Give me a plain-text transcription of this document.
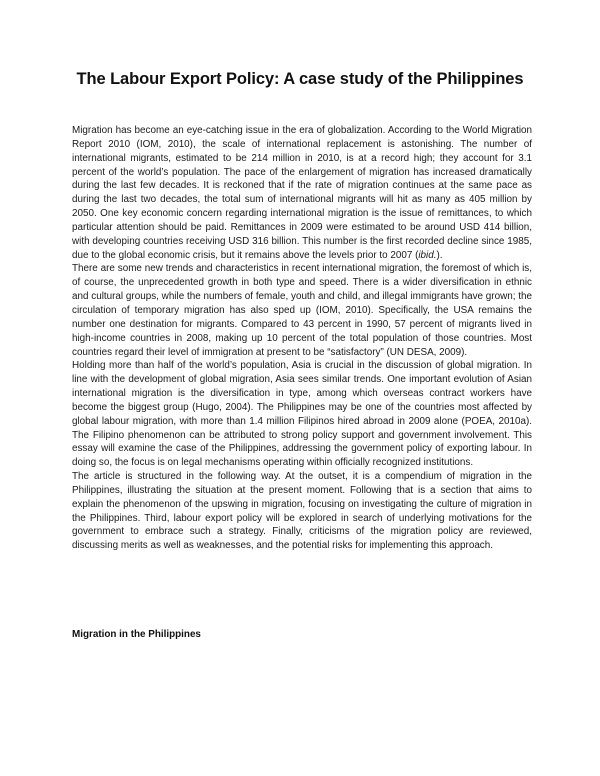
The Labour Export Policy: A case study of the Philippines

Migration has become an eye-catching issue in the era of globalization. According to the World Migration Report 2010 (IOM, 2010), the scale of international replacement is astonishing. The number of international migrants, estimated to be 214 million in 2010, is at a record high; they account for 3.1 percent of the world’s population. The pace of the enlargement of migration has increased dramatically during the last few decades. It is reckoned that if the rate of migration continues at the same pace as during the last two decades, the total sum of international migrants will hit as many as 405 million by 2050. One key economic concern regarding international migration is the issue of remittances, to which particular attention should be paid. Remittances in 2009 were estimated to be around USD 414 billion, with developing countries receiving USD 316 billion. This number is the first recorded decline since 1985, due to the global economic crisis, but it remains above the levels prior to 2007 (ibid.).

There are some new trends and characteristics in recent international migration, the foremost of which is, of course, the unprecedented growth in both type and speed. There is a wider diversification in ethnic and cultural groups, while the numbers of female, youth and child, and illegal immigrants have grown; the circulation of temporary migration has also sped up (IOM, 2010). Specifically, the USA remains the number one destination for migrants. Compared to 43 percent in 1990, 57 percent of migrants lived in high-income countries in 2008, making up 10 percent of the total population of those countries. Most countries regard their level of immigration at present to be “satisfactory” (UN DESA, 2009).

Holding more than half of the world’s population, Asia is crucial in the discussion of global migration. In line with the development of global migration, Asia sees similar trends. One important evolution of Asian international migration is the diversification in type, among which overseas contract workers have become the biggest group (Hugo, 2004). The Philippines may be one of the countries most affected by global labour migration, with more than 1.4 million Filipinos hired abroad in 2009 alone (POEA, 2010a). The Filipino phenomenon can be attributed to strong policy support and government involvement. This essay will examine the case of the Philippines, addressing the government policy of exporting labour. In doing so, the focus is on legal mechanisms operating within officially recognized institutions.

The article is structured in the following way. At the outset, it is a compendium of migration in the Philippines, illustrating the situation at the present moment. Following that is a section that aims to explain the phenomenon of the upswing in migration, focusing on investigating the culture of migration in the Philippines. Third, labour export policy will be explored in search of underlying motivations for the government to embrace such a strategy. Finally, criticisms of the migration policy are reviewed, discussing merits as well as weaknesses, and the potential risks for implementing this approach.

Migration in the Philippines
